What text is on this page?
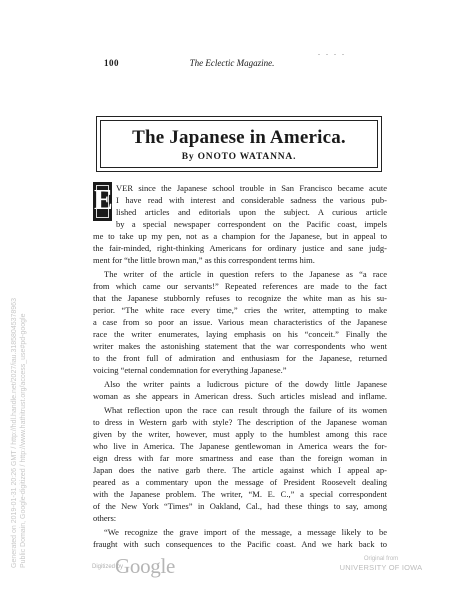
100	The Eclectic Magazine.
. . . .
The Japanese in America.
By ONOTO WATANNA.
E VER since the Japanese school trouble in San Francisco became acute
I have read with interest and considerable sadness the various pub-
lished articles and editorials upon the subject. A curious article
by a special newspaper correspondent on the Pacific coast, impels
me to take up my pen, not as a champion for the Japanese, but in appeal to
the fair-minded, right-thinking Americans for ordinary justice and sane judg-
ment for “the little brown man,” as this correspondent terms him.
The writer of the article in question refers to the Japanese as “a race
from which came our servants!” Repeated references are made to the fact
that the Japanese stubbornly refuses to recognize the white man as his su-
perior. “The white race every time,” cries the writer, attempting to make
a case from so poor an issue. Various mean characteristics of the Japanese
race the writer enumerates, laying emphasis on his “conceit.” Finally the
writer makes the astonishing statement that the war correspondents who went
to the front full of admiration and enthusiasm for the Japanese, returned
voicing “eternal condemnation for everything Japanese.”
Also the writer paints a ludicrous picture of the dowdy little Japanese
woman as she appears in American dress. Such articles mislead and inflame.
What reflection upon the race can result through the failure of its women
to dress in Western garb with style? The description of the Japanese woman
given by the writer, however, must apply to the humblest among this race
who live in America. The Japanese gentlewoman in America wears the for-
eign dress with far more smartness and ease than the foreign woman in
Japan does the native garb there. The article against which I appeal ap-
peared as a commentary upon the message of President Roosevelt dealing
with the Japanese problem. The writer, “M. E. C.,” a special correspondent
of the New York “Times” in Oakland, Cal., had these things to say, among
others:
“We recognize the grave import of the message, a message likely to be
fraught with such consequences to the Pacific coast. And we hark back to
Generated on 2019-01-31 20:26 GMT / http://hdl.handle.net/2027/iau.31858045378963 Public Domain, Google-digitized / http://www.hathitrust.org/access_use#pd-google	Digitized by
Google	Original from
UNIVERSITY OF IOWA
